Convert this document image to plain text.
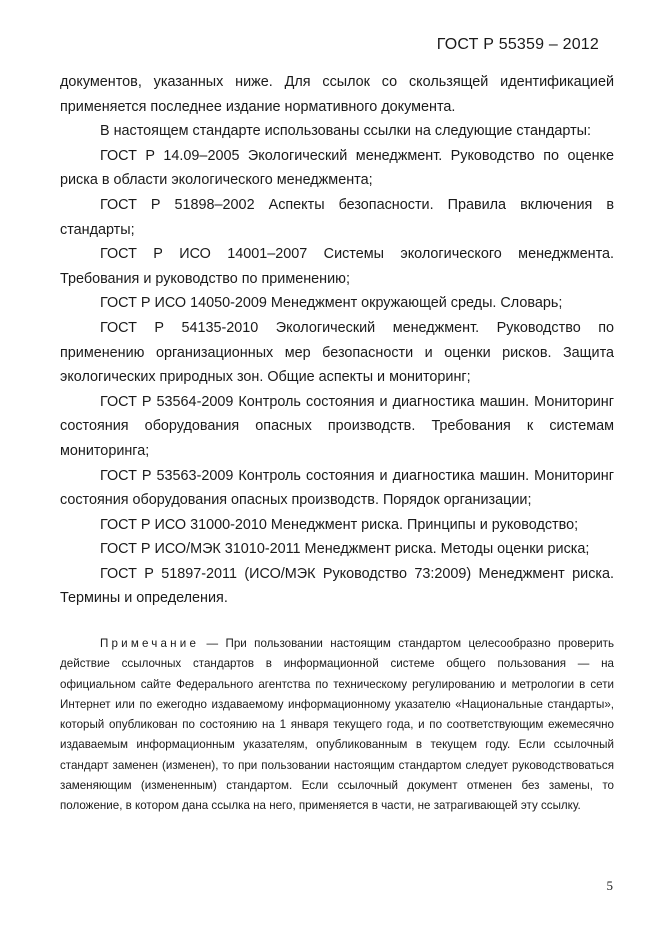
ГОСТ Р 55359 – 2012

документов, указанных ниже. Для ссылок со скользящей идентификацией применяется последнее издание нормативного документа.

В настоящем стандарте использованы ссылки на следующие стандарты:

ГОСТ Р 14.09–2005 Экологический менеджмент. Руководство по оценке риска в области экологического менеджмента;

ГОСТ Р 51898–2002 Аспекты безопасности. Правила включения в стандарты;

ГОСТ Р ИСО 14001–2007 Системы экологического менеджмента. Требования и руководство по применению;

ГОСТ Р ИСО 14050-2009 Менеджмент окружающей среды. Словарь;

ГОСТ Р 54135-2010 Экологический менеджмент. Руководство по применению организационных мер безопасности и оценки рисков. Защита экологических природных зон. Общие аспекты и мониторинг;

ГОСТ Р 53564-2009 Контроль состояния и диагностика машин. Мониторинг состояния оборудования опасных производств. Требования к системам мониторинга;

ГОСТ Р 53563-2009 Контроль состояния и диагностика машин. Мониторинг состояния оборудования опасных производств. Порядок организации;

ГОСТ Р ИСО 31000-2010 Менеджмент риска. Принципы и руководство;

ГОСТ Р ИСО/МЭК 31010-2011 Менеджмент риска. Методы оценки риска;

ГОСТ Р 51897-2011 (ИСО/МЭК Руководство 73:2009) Менеджмент риска. Термины и определения.

Примечание — При пользовании настоящим стандартом целесообразно проверить действие ссылочных стандартов в информационной системе общего пользования — на официальном сайте Федерального агентства по техническому регулированию и метрологии в сети Интернет или по ежегодно издаваемому информационному указателю «Национальные стандарты», который опубликован по состоянию на 1 января текущего года, и по соответствующим ежемесячно издаваемым информационным указателям, опубликованным в текущем году. Если ссылочный стандарт заменен (изменен), то при пользовании настоящим стандартом следует руководствоваться заменяющим (измененным) стандартом. Если ссылочный документ отменен без замены, то положение, в котором дана ссылка на него, применяется в части, не затрагивающей эту ссылку.

5
